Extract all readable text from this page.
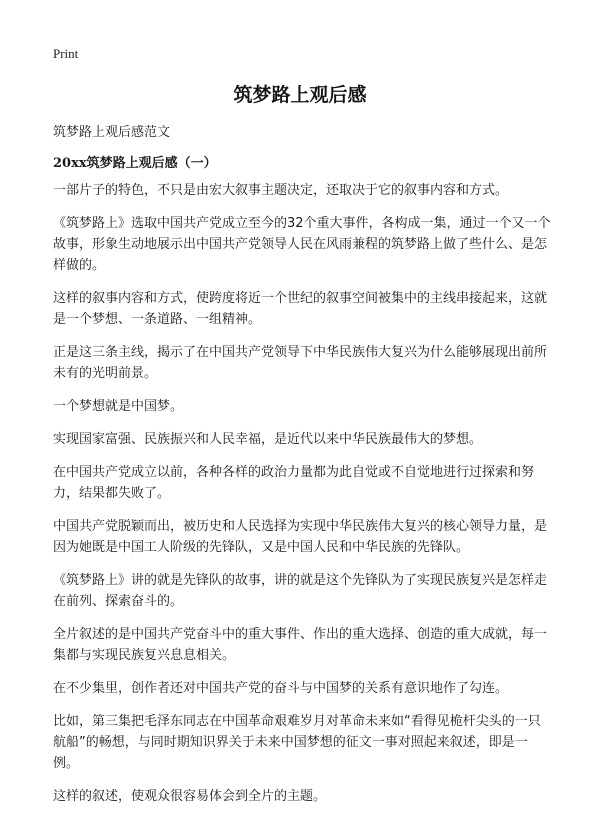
Print
筑梦路上观后感

筑梦路上观后感范文

20xx筑梦路上观后感（一）

一部片子的特色，不只是由宏大叙事主题决定，还取决于它的叙事内容和方式。

《筑梦路上》选取中国共产党成立至今的32个重大事件，各构成一集，通过一个又一个故事，形象生动地展示出中国共产党领导人民在风雨兼程的筑梦路上做了些什么、是怎样做的。

这样的叙事内容和方式，使跨度将近一个世纪的叙事空间被集中的主线串接起来，这就是一个梦想、一条道路、一组精神。

正是这三条主线，揭示了在中国共产党领导下中华民族伟大复兴为什么能够展现出前所未有的光明前景。

一个梦想就是中国梦。

实现国家富强、民族振兴和人民幸福，是近代以来中华民族最伟大的梦想。

在中国共产党成立以前，各种各样的政治力量都为此自觉或不自觉地进行过探索和努力，结果都失败了。

中国共产党脱颖而出，被历史和人民选择为实现中华民族伟大复兴的核心领导力量，是因为她既是中国工人阶级的先锋队，又是中国人民和中华民族的先锋队。

《筑梦路上》讲的就是先锋队的故事，讲的就是这个先锋队为了实现民族复兴是怎样走在前列、探索奋斗的。

全片叙述的是中国共产党奋斗中的重大事件、作出的重大选择、创造的重大成就，每一集都与实现民族复兴息息相关。

在不少集里，创作者还对中国共产党的奋斗与中国梦的关系有意识地作了勾连。

比如，第三集把毛泽东同志在中国革命艰难岁月对革命未来如“看得见桅杆尖头的一只航船”的畅想，与同时期知识界关于未来中国梦想的征文一事对照起来叙述，即是一例。

这样的叙述，使观众很容易体会到全片的主题。
